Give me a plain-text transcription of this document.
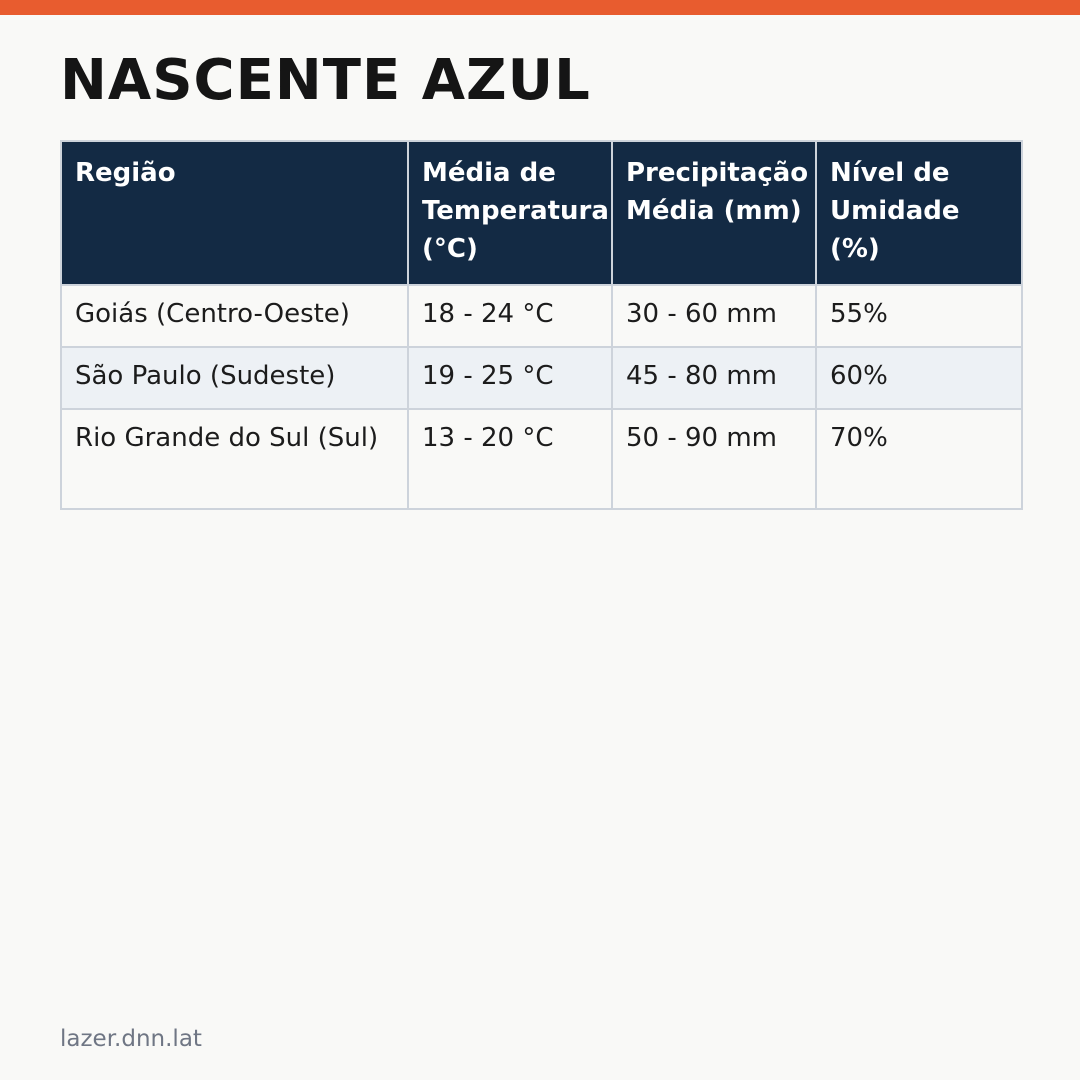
NASCENTE AZUL
Região	Média de Temperatura (°C)	Precipitação Média (mm)	Nível de Umidade (%)
Goiás (Centro-Oeste)	18 - 24 °C	30 - 60 mm	55%
São Paulo (Sudeste)	19 - 25 °C	45 - 80 mm	60%
Rio Grande do Sul (Sul)	13 - 20 °C	50 - 90 mm	70%
lazer.dnn.lat
